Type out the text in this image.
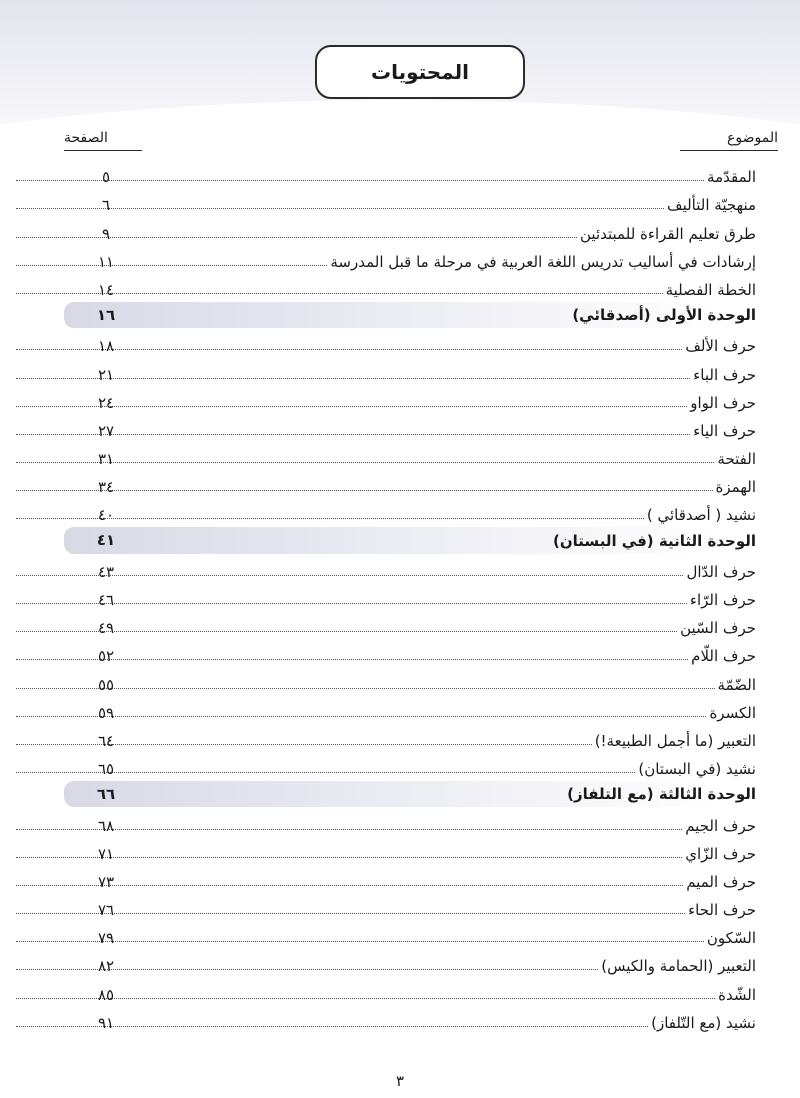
المحتويات
الموضوع
الصفحة
المقدّمة
٥
منهجيّة التأليف
٦
طرق تعليم القراءة للمبتدئين
٩
إرشادات في أساليب تدريس اللغة العربية في مرحلة ما قبل المدرسة
١١
الخطة الفصلية
١٤
الوحدة الأولى (أصدقائي)
١٦
حرف الألف
١٨
حرف الباء
٢١
حرف الواو
٢٤
حرف الياء
٢٧
الفتحة
٣١
الهمزة
٣٤
نشيد ( أصدقائي )
٤٠
الوحدة الثانية (في البستان)
٤١
حرف الدّال
٤٣
حرف الرّاء
٤٦
حرف السّين
٤٩
حرف اللّام
٥٢
الضّمّة
٥٥
الكسرة
٥٩
التعبير (ما أجمل الطبيعة!)
٦٤
نشيد (في البستان)
٦٥
الوحدة الثالثة (مع التلفاز)
٦٦
حرف الجيم
٦٨
حرف الزّاي
٧١
حرف الميم
٧٣
حرف الحاء
٧٦
السّكون
٧٩
التعبير (الحمامة والكيس)
٨٢
الشّدة
٨٥
نشيد (مع التّلفاز)
٩١
٣
